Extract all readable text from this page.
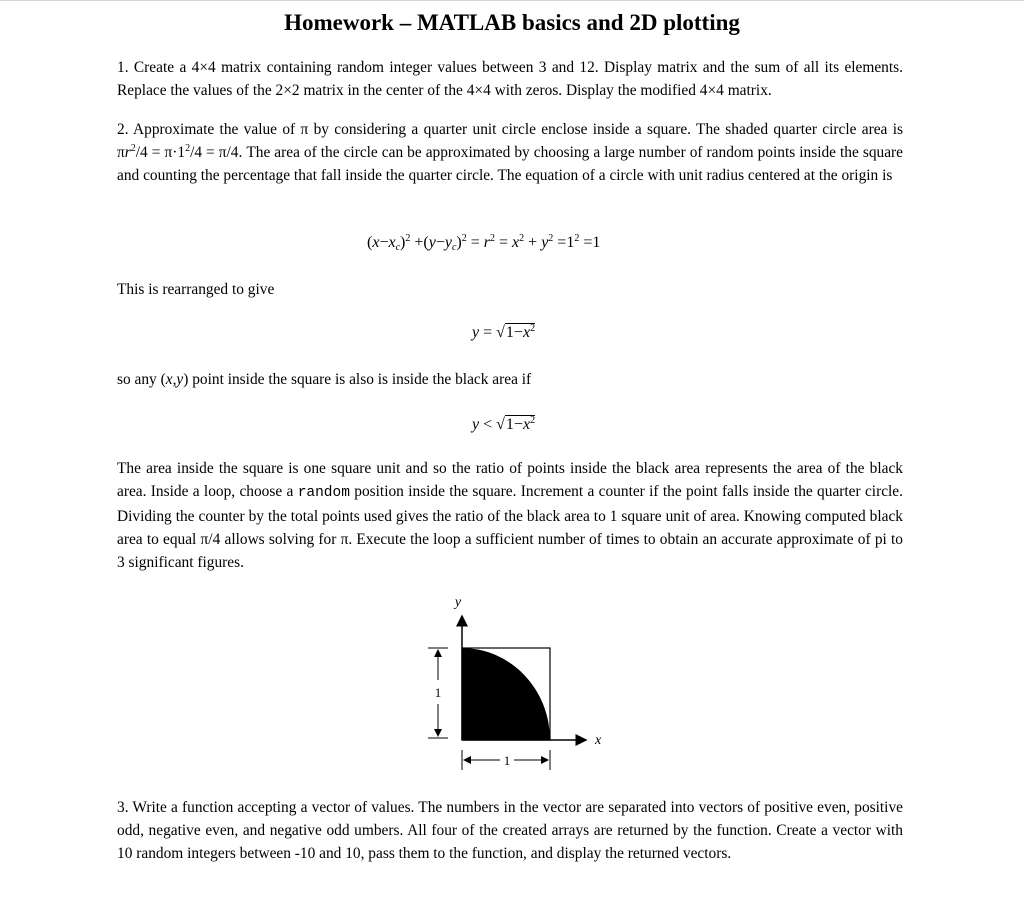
Homework – MATLAB basics and 2D plotting
1. Create a 4×4 matrix containing random integer values between 3 and 12. Display matrix and the sum of all its elements. Replace the values of the 2×2 matrix in the center of the 4×4 with zeros. Display the modified 4×4 matrix.
2. Approximate the value of π by considering a quarter unit circle enclose inside a square. The shaded quarter circle area is $\pi r^2/4 = \pi\cdot 1^2/4 = \pi/4$. The area of the circle can be approximated by choosing a large number of random points inside the square and counting the percentage that fall inside the quarter circle. The equation of a circle with unit radius centered at the origin is
$(x-x_c)^2 +(y-y_c)^2 = r^2 = x^2 + y^2 =1^2 =1$
This is rearranged to give
$y = √1-x^2$
so any (x,y) point inside the square is also is inside the black area if
$y < √1-x^2$
The area inside the square is one square unit and so the ratio of points inside the black area represents the area of the black area. Inside a loop, choose a random position inside the square. Increment a counter if the point falls inside the quarter circle. Dividing the counter by the total points used gives the ratio of the black area to 1 square unit of area. Knowing computed black area to equal π/4 allows solving for π. Execute the loop a sufficient number of times to obtain an accurate approximate of pi to 3 significant figures.
y
x
1
1
3. Write a function accepting a vector of values. The numbers in the vector are separated into vectors of positive even, positive odd, negative even, and negative odd umbers. All four of the created arrays are returned by the function. Create a vector with 10 random integers between -10 and 10, pass them to the function, and display the returned vectors.
